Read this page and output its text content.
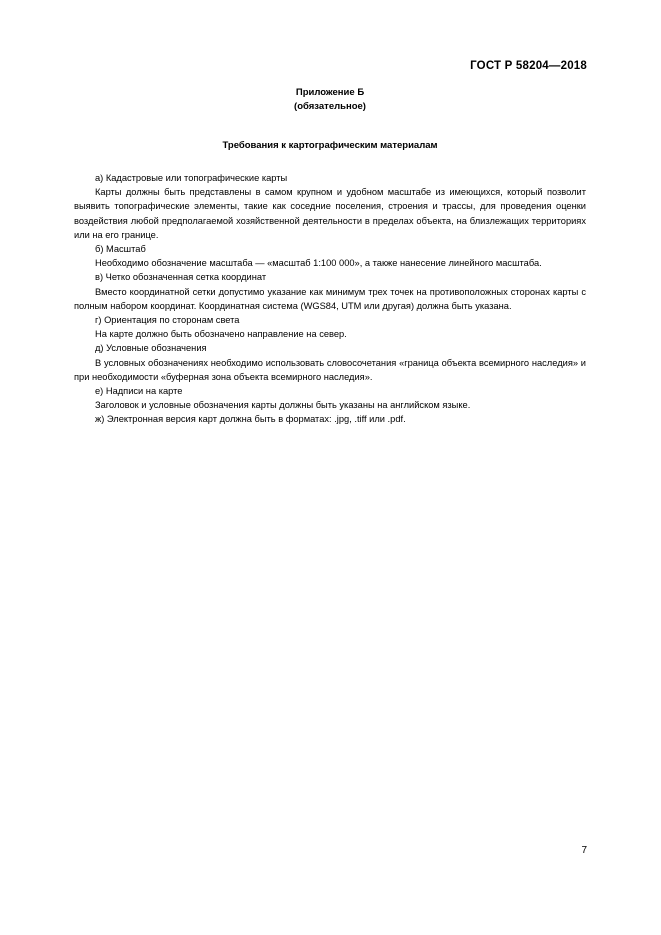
ГОСТ Р 58204—2018
Приложение Б
(обязательное)
Требования к картографическим материалам

а) Кадастровые или топографические карты

Карты должны быть представлены в самом крупном и удобном масштабе из имеющихся, который позволит выявить топографические элементы, такие как соседние поселения, строения и трассы, для проведения оценки воздействия любой предполагаемой хозяйственной деятельности в пределах объекта, на близлежащих территориях или на его границе.

б) Масштаб

Необходимо обозначение масштаба — «масштаб 1:100 000», а также нанесение линейного масштаба.

в) Четко обозначенная сетка координат

Вместо координатной сетки допустимо указание как минимум трех точек на противоположных сторонах карты с полным набором координат. Координатная система (WGS84, UTM или другая) должна быть указана.

г) Ориентация по сторонам света

На карте должно быть обозначено направление на север.

д) Условные обозначения

В условных обозначениях необходимо использовать словосочетания «граница объекта всемирного наследия» и при необходимости «буферная зона объекта всемирного наследия».

е) Надписи на карте

Заголовок и условные обозначения карты должны быть указаны на английском языке.

ж) Электронная версия карт должна быть в форматах: .jpg, .tiff или .pdf.

7
